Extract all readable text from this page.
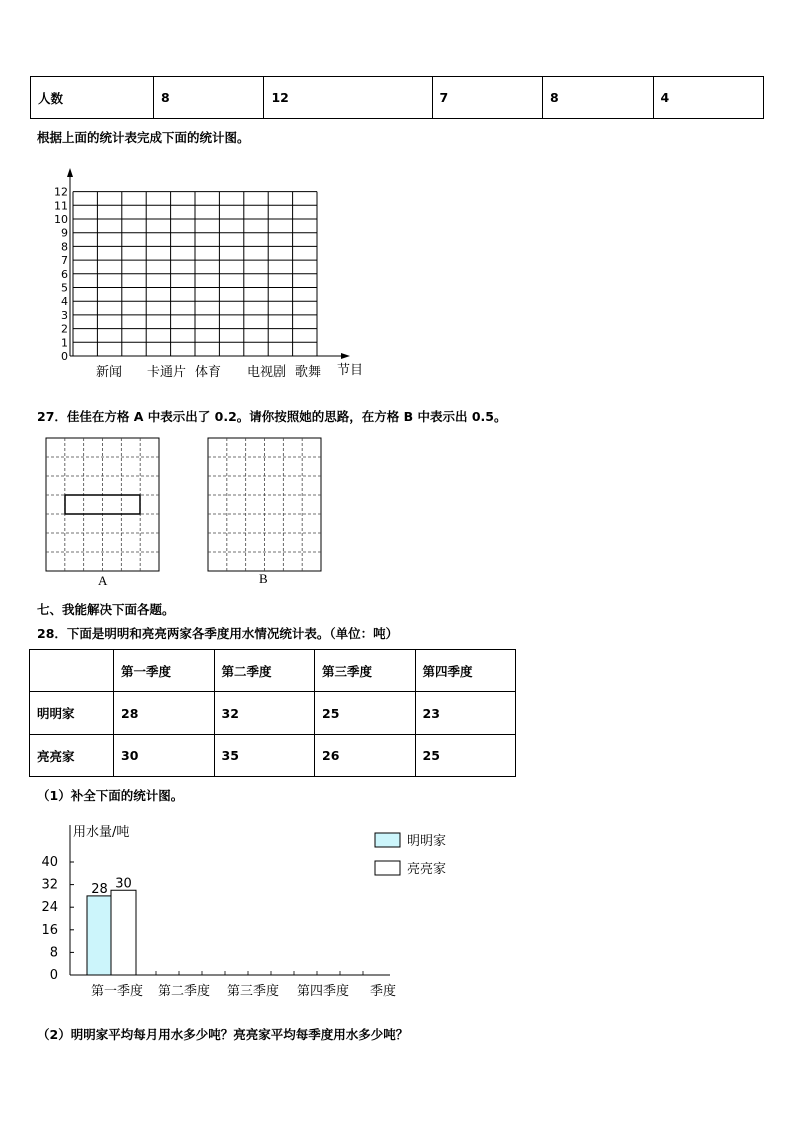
人数	8	12	7	8	4
根据上面的统计表完成下面的统计图。
0
1
2
3
4
5
6
7
8
9
10
11
12
新闻 卡通片 体育 电视剧 歌舞 节目
27．佳佳在方格 A 中表示出了 0.2。请你按照她的思路，在方格 B 中表示出 0.5。
A	B
七、我能解决下面各题。
28．下面是明明和亮亮两家各季度用水情况统计表。（单位：吨）
	第一季度	第二季度	第三季度	第四季度
明明家	28	32	25	23
亮亮家	30	35	26	25
（1）补全下面的统计图。
用水量/吨
0
8
16
24
32
40
第一季度 第二季度 第三季度 第四季度 季度
28 30
明明家
亮亮家
（2）明明家平均每月用水多少吨？亮亮家平均每季度用水多少吨？
